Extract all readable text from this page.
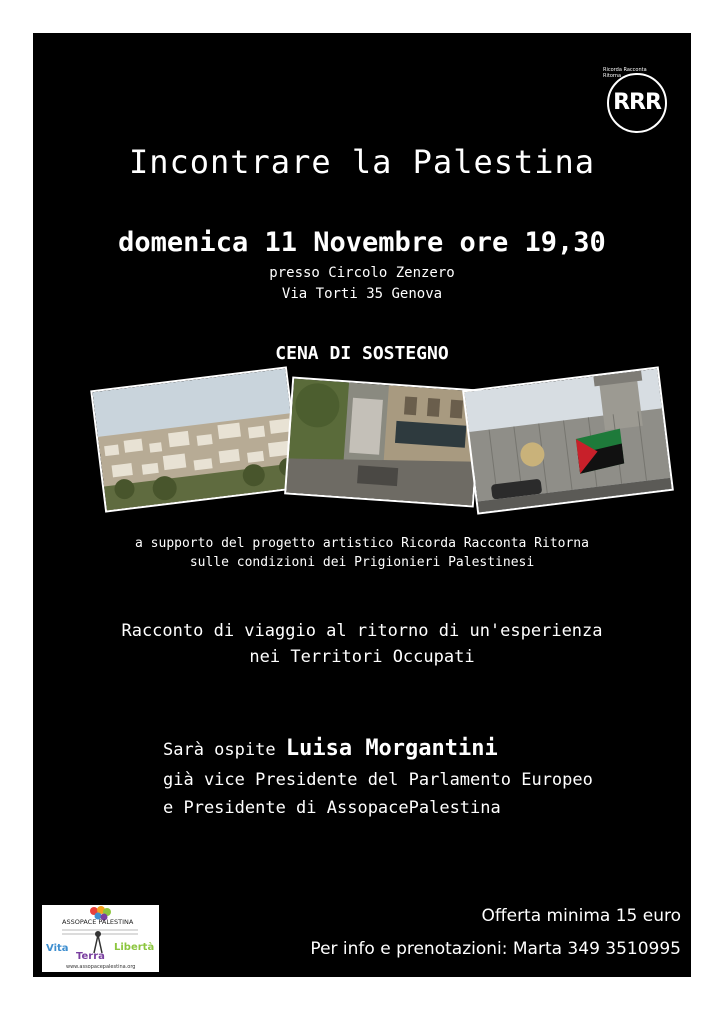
RRR
Ricorda Racconta Ritorna
Incontrare la Palestina
domenica 11 Novembre ore 19,30
presso Circolo Zenzero
Via Torti 35 Genova
CENA DI SOSTEGNO
a supporto del progetto artistico Ricorda Racconta Ritorna
sulle condizioni dei Prigionieri Palestinesi
Racconto di viaggio al ritorno di un'esperienza
nei Territori Occupati
Sarà ospite Luisa Morgantini
già vice Presidente del Parlamento Europeo
e Presidente di AssopacePalestina
ASSOPACE PALESTINA
Vita
Terra
Libertà
www.assopacepalestina.org
Offerta minima 15 euro
Per info e prenotazioni: Marta 349 3510995
